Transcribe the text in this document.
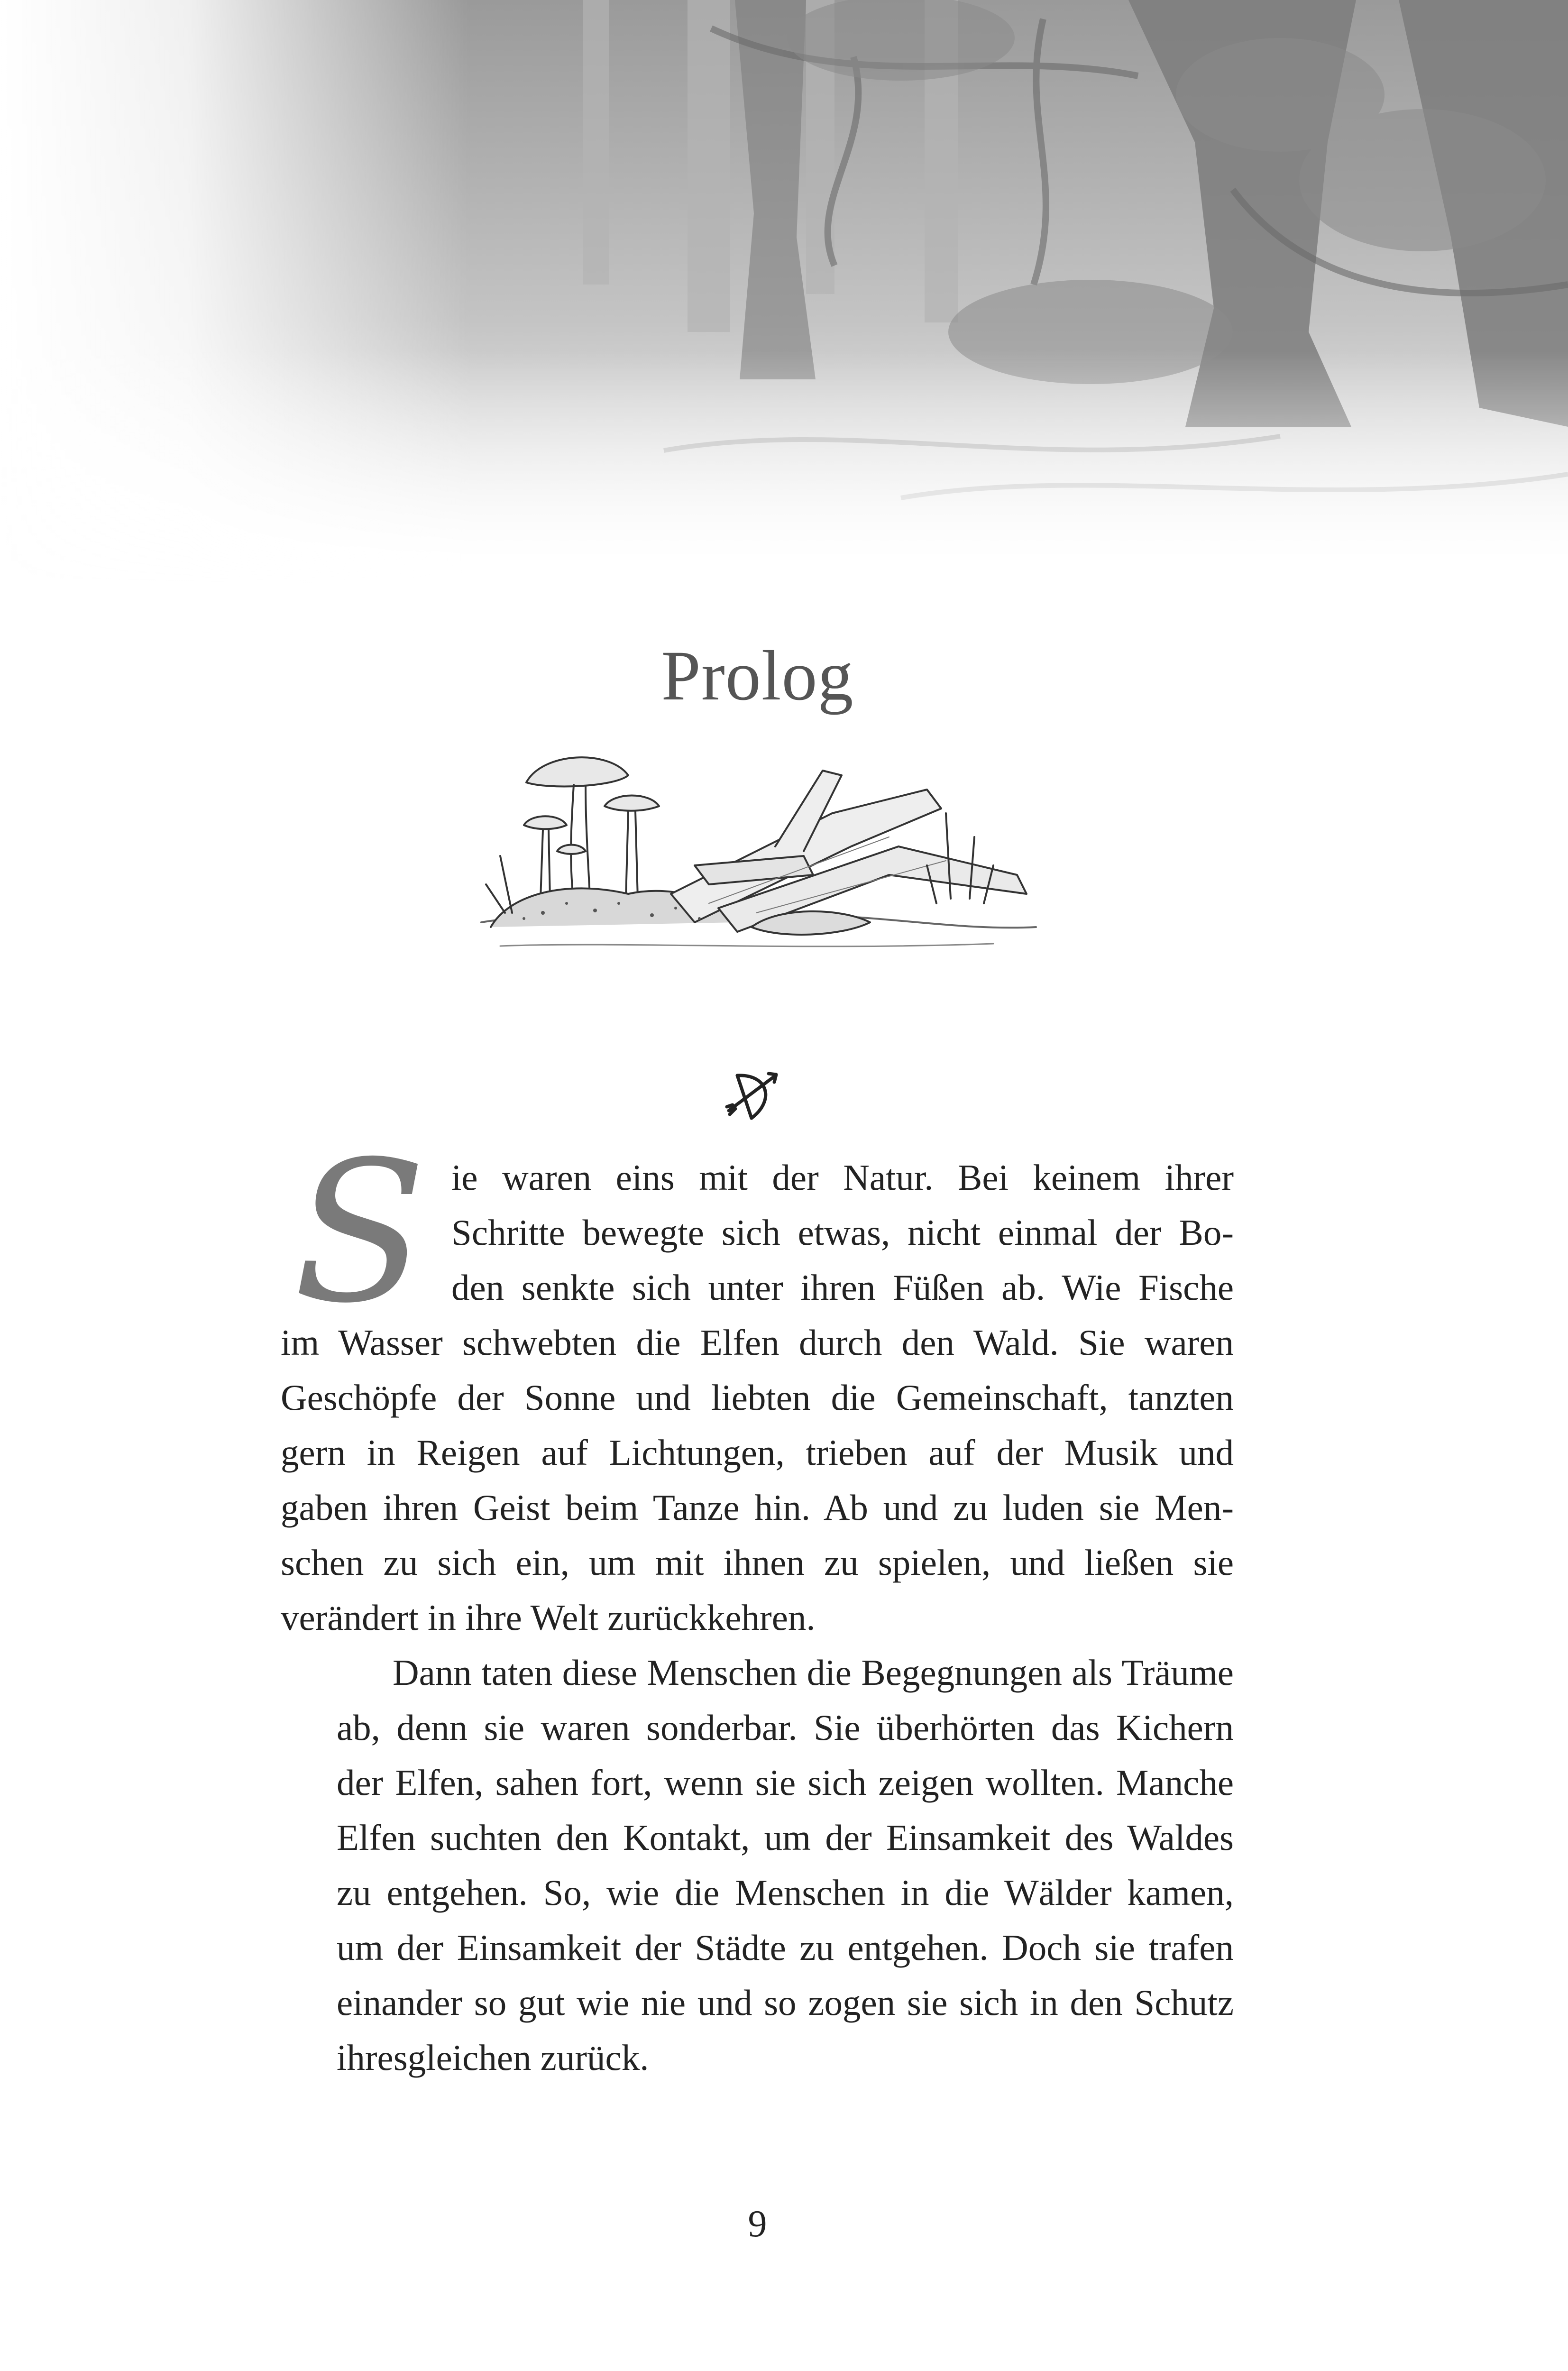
Prolog
S ie waren eins mit der Natur. Bei keinem ihrer
Schritte bewegte sich etwas, nicht einmal der Bo-
den senkte sich unter ihren Füßen ab. Wie Fische
im Wasser schwebten die Elfen durch den Wald. Sie waren
Geschöpfe der Sonne und liebten die Gemeinschaft, tanzten
gern in Reigen auf Lichtungen, trieben auf der Musik und
gaben ihren Geist beim Tanze hin. Ab und zu luden sie Men-
schen zu sich ein, um mit ihnen zu spielen, und ließen sie
verändert in ihre Welt zurückkehren.
Dann taten diese Menschen die Begegnungen als Träume
ab, denn sie waren sonderbar. Sie überhörten das Kichern
der Elfen, sahen fort, wenn sie sich zeigen wollten. Manche
Elfen suchten den Kontakt, um der Einsamkeit des Waldes
zu entgehen. So, wie die Menschen in die Wälder kamen,
um der Einsamkeit der Städte zu entgehen. Doch sie trafen
einander so gut wie nie und so zogen sie sich in den Schutz
ihresgleichen zurück.
9
